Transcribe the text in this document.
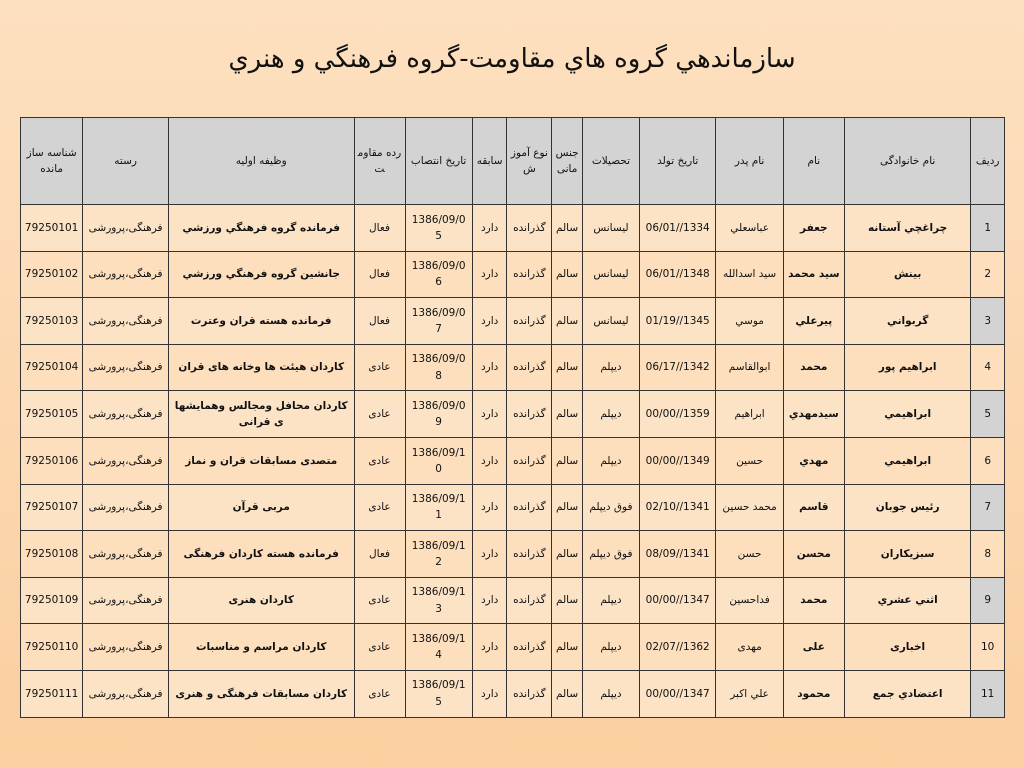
سازماندهي گروه هاي مقاومت-گروه فرهنگي و هنري
ردیف	نام خانوادگی	نام	نام پدر	تاريخ تولد	تحصیلات	جنس مانی	نوع آموزش	سابقه	تاريخ انتصاب	رده مقاومت	وظيفه اوليه	رسته	شناسه سازمانده
1	چراغچي آستانه	جعفر	عباسعلي	1334//06/01	ليسانس	سالم	گذرانده	دارد	1386/09/05	فعال	فرمانده گروه فرهنگي ورزشي	فرهنگی،پرورشی	79250101
2	بينش	سيد محمد	سيد اسدالله	1348//06/01	ليسانس	سالم	گذرانده	دارد	1386/09/06	فعال	جانشين گروه فرهنگي ورزشي	فرهنگی،پرورشی	79250102
3	گربواني	پيرعلي	موسي	1345//01/19	ليسانس	سالم	گذرانده	دارد	1386/09/07	فعال	فرمانده هسته قران وعترت	فرهنگی،پرورشی	79250103
4	ابراهيم پور	محمد	ابوالقاسم	1342//06/17	ديپلم	سالم	گذرانده	دارد	1386/09/08	عادی	کاردان هيئت ها وخانه های قران	فرهنگی،پرورشی	79250104
5	ابراهيمي	سيدمهدي	ابراهيم	1359//00/00	ديپلم	سالم	گذرانده	دارد	1386/09/09	عادی	کاردان محافل ومجالس وهمايشهای قرانی	فرهنگی،پرورشی	79250105
6	ابراهيمي	مهدي	حسين	1349//00/00	ديپلم	سالم	گذرانده	دارد	1386/09/10	عادی	متصدی مسابقات قران و نماز	فرهنگی،پرورشی	79250106
7	رئيس جوبان	قاسم	محمد حسين	1341//02/10	فوق ديپلم	سالم	گذرانده	دارد	1386/09/11	عادی	مربی قرآن	فرهنگی،پرورشی	79250107
8	سبزيکاران	محسن	حسن	1341//08/09	فوق ديپلم	سالم	گذرانده	دارد	1386/09/12	فعال	فرمانده هسته کاردان فرهنگی	فرهنگی،پرورشی	79250108
9	اثني عشري	محمد	فداحسين	1347//00/00	ديپلم	سالم	گذرانده	دارد	1386/09/13	عادی	کاردان هنری	فرهنگی،پرورشی	79250109
10	اخباری	علی	مهدی	1362//02/07	ديپلم	سالم	گذرانده	دارد	1386/09/14	عادی	کاردان مراسم و مناسبات	فرهنگی،پرورشی	79250110
11	اعتضادي جمع	محمود	علي اکبر	1347//00/00	ديپلم	سالم	گذرانده	دارد	1386/09/15	عادی	کاردان مسابقات فرهنگی و هنری	فرهنگی،پرورشی	79250111
